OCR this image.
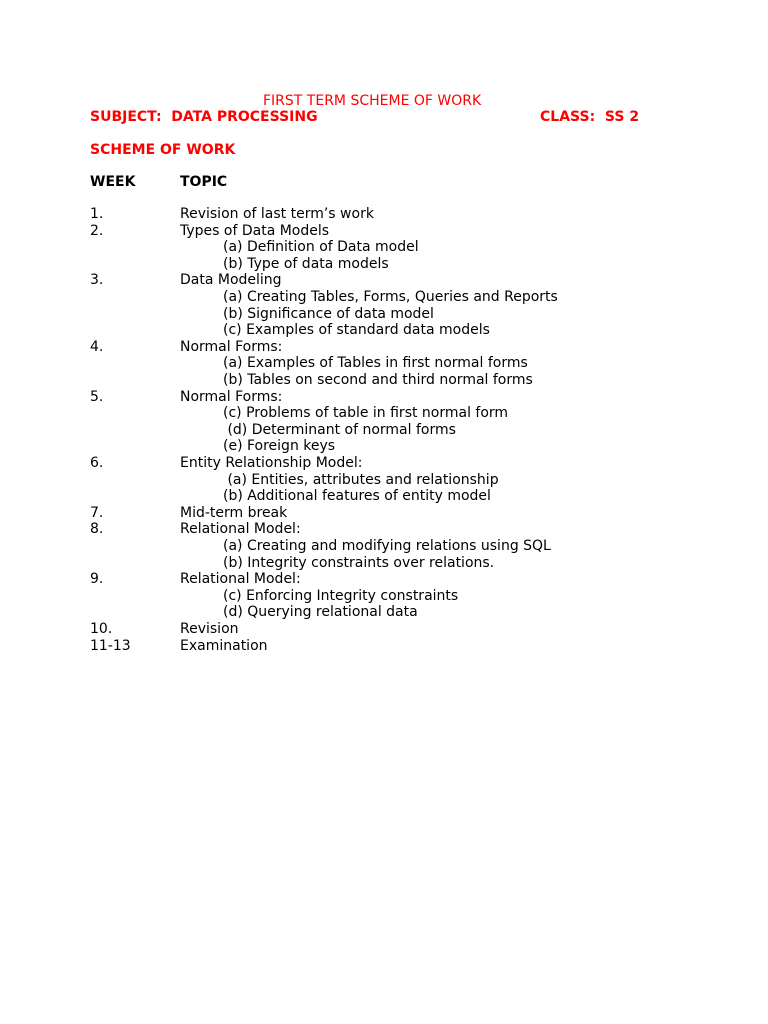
FIRST TERM SCHEME OF WORK
SUBJECT:  DATA PROCESSING	CLASS:  SS 2
SCHEME OF WORK
WEEK	TOPIC
1.	Revision of last term’s work
2.	Types of Data Models
(a) Definition of Data model
(b) Type of data models
3.	Data Modeling
(a) Creating Tables, Forms, Queries and Reports
(b) Significance of data model
(c) Examples of standard data models
4.	Normal Forms:
(a) Examples of Tables in first normal forms
(b) Tables on second and third normal forms
5.	Normal Forms:
(c) Problems of table in first normal form
(d) Determinant of normal forms
(e) Foreign keys
6.	Entity Relationship Model:
(a) Entities, attributes and relationship
(b) Additional features of entity model
7.	Mid-term break
8.	Relational Model:
(a) Creating and modifying relations using SQL
(b) Integrity constraints over relations.
9.	Relational Model:
(c) Enforcing Integrity constraints
(d) Querying relational data
10.	Revision
11-13	Examination
